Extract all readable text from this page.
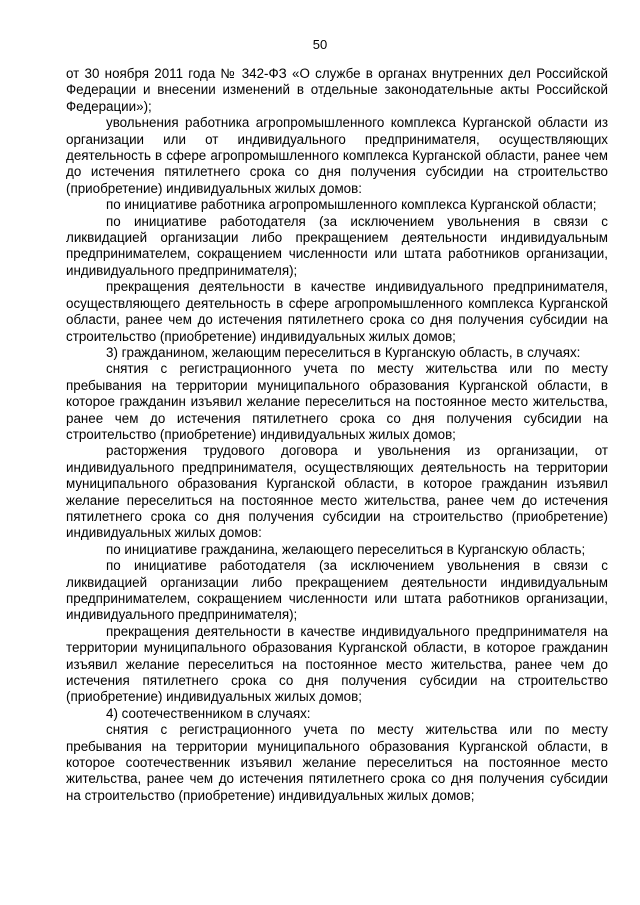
50

от 30 ноября 2011 года № 342-ФЗ «О службе в органах внутренних дел Российской Федерации и внесении изменений в отдельные законодательные акты Российской Федерации»);

увольнения работника агропромышленного комплекса Курганской области из организации или от индивидуального предпринимателя, осуществляющих деятельность в сфере агропромышленного комплекса Курганской области, ранее чем до истечения пятилетнего срока со дня получения субсидии на строительство (приобретение) индивидуальных жилых домов:

по инициативе работника агропромышленного комплекса Курганской области;

по инициативе работодателя (за исключением увольнения в связи с ликвидацией организации либо прекращением деятельности индивидуальным предпринимателем, сокращением численности или штата работников организации, индивидуального предпринимателя);

прекращения деятельности в качестве индивидуального предпринимателя, осуществляющего деятельность в сфере агропромышленного комплекса Курганской области, ранее чем до истечения пятилетнего срока со дня получения субсидии на строительство (приобретение) индивидуальных жилых домов;

3) гражданином, желающим переселиться в Курганскую область, в случаях:

снятия с регистрационного учета по месту жительства или по месту пребывания на территории муниципального образования Курганской области, в которое гражданин изъявил желание переселиться на постоянное место жительства, ранее чем до истечения пятилетнего срока со дня получения субсидии на строительство (приобретение) индивидуальных жилых домов;

расторжения трудового договора и увольнения из организации, от индивидуального предпринимателя, осуществляющих деятельность на территории муниципального образования Курганской области, в которое гражданин изъявил желание переселиться на постоянное место жительства, ранее чем до истечения пятилетнего срока со дня получения субсидии на строительство (приобретение) индивидуальных жилых домов:

по инициативе гражданина, желающего переселиться в Курганскую область;

по инициативе работодателя (за исключением увольнения в связи с ликвидацией организации либо прекращением деятельности индивидуальным предпринимателем, сокращением численности или штата работников организации, индивидуального предпринимателя);

прекращения деятельности в качестве индивидуального предпринимателя на территории муниципального образования Курганской области, в которое гражданин изъявил желание переселиться на постоянное место жительства, ранее чем до истечения пятилетнего срока со дня получения субсидии на строительство (приобретение) индивидуальных жилых домов;

4) соотечественником в случаях:

снятия с регистрационного учета по месту жительства или по месту пребывания на территории муниципального образования Курганской области, в которое соотечественник изъявил желание переселиться на постоянное место жительства, ранее чем до истечения пятилетнего срока со дня получения субсидии на строительство (приобретение) индивидуальных жилых домов;
